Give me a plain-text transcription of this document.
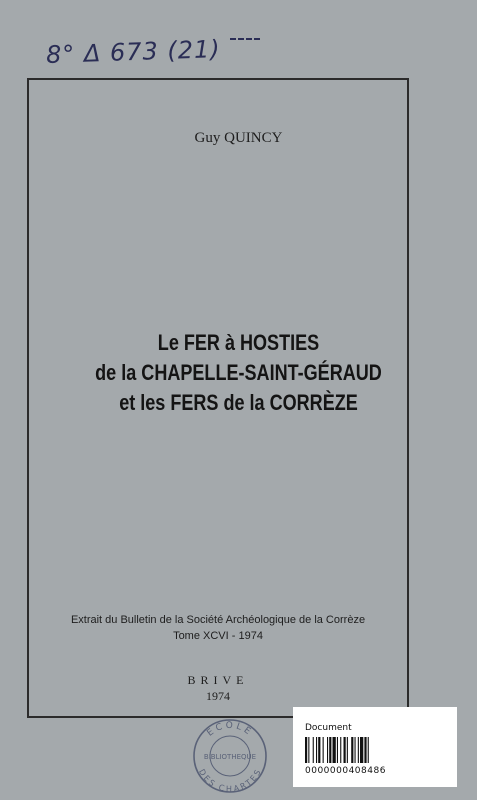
8° Δ 673 (21)
Guy QUINCY
Le FER à HOSTIES
de la CHAPELLE-SAINT-GÉRAUD
et les FERS de la CORRÈZE
Extrait du Bulletin de la Société Archéologique de la Corrèze
Tome XCVI - 1974
BRIVE
1974
ECOLE
BIBLIOTHEQUE
DES CHARTES
Document
0000000408486
